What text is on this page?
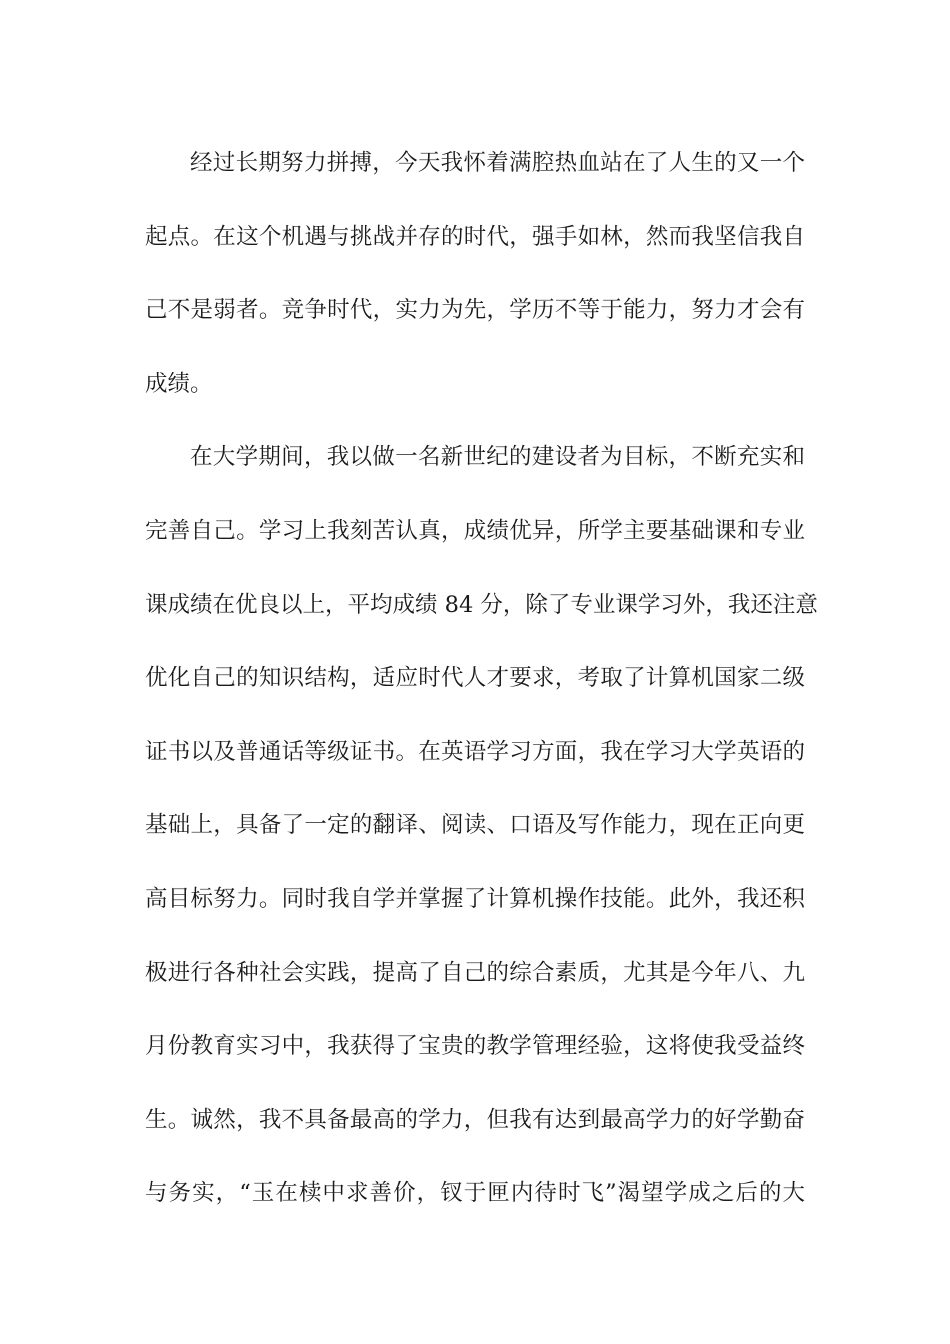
经过长期努力拼搏，今天我怀着满腔热血站在了人生的又一个
起点。在这个机遇与挑战并存的时代，强手如林，然而我坚信我自
己不是弱者。竞争时代，实力为先，学历不等于能力，努力才会有
成绩。
在大学期间，我以做一名新世纪的建设者为目标，不断充实和
完善自己。学习上我刻苦认真，成绩优异，所学主要基础课和专业
课成绩在优良以上，平均成绩 84 分，除了专业课学习外，我还注意
优化自己的知识结构，适应时代人才要求，考取了计算机国家二级
证书以及普通话等级证书。在英语学习方面，我在学习大学英语的
基础上，具备了一定的翻译、阅读、口语及写作能力，现在正向更
高目标努力。同时我自学并掌握了计算机操作技能。此外，我还积
极进行各种社会实践，提高了自己的综合素质，尤其是今年八、九
月份教育实习中，我获得了宝贵的教学管理经验，这将使我受益终
生。诚然，我不具备最高的学力，但我有达到最高学力的好学勤奋
与务实，“玉在椟中求善价，钗于匣内待时飞”渴望学成之后的大
